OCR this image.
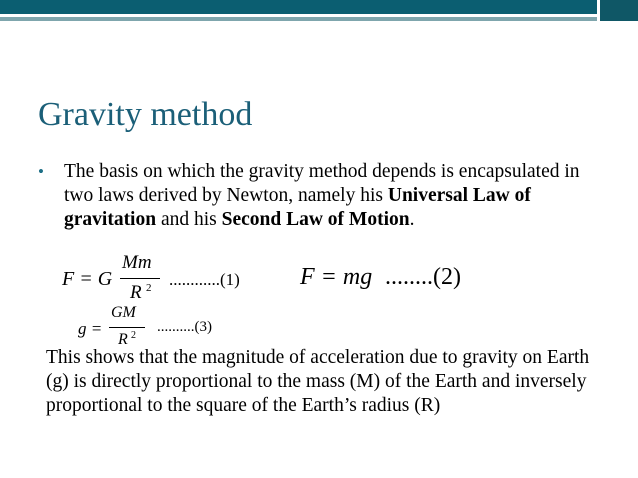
Gravity method
• The basis on which the gravity method depends is encapsulated in two laws derived by Newton, namely his Universal Law of gravitation and his Second Law of Motion.
F = G
Mm
R 2 ............(1)	F = mg ........(2)
g =
GM
R 2
..........(3)
This shows that the magnitude of acceleration due to gravity on Earth (g) is directly proportional to the mass (M) of the Earth and inversely proportional to the square of the Earth’s radius (R)
